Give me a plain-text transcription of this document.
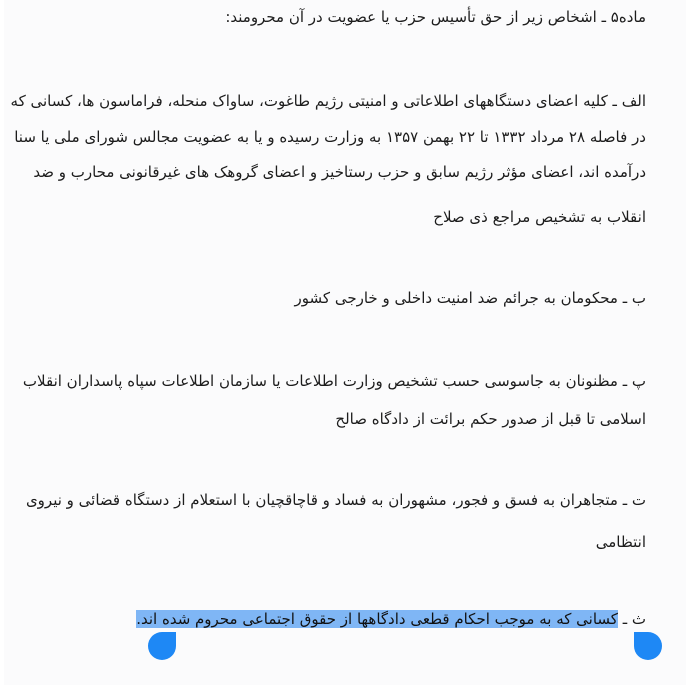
ماده۵ ـ اشخاص زیر از حق تأسیس حزب یا عضویت در آن محرومند:
الف ـ کلیه اعضای دستگاههای اطلاعاتی و امنیتی رژیم طاغوت، ساواک منحله، فراماسون ها، کسانی که
در فاصله ۲۸ مرداد ۱۳۳۲ تا ۲۲ بهمن ۱۳۵۷ به وزارت رسیده و یا به عضویت مجالس شورای ملی یا سنا
درآمده اند، اعضای مؤثر رژیم سابق و حزب رستاخیز و اعضای گروهک های غیرقانونی محارب و ضد
انقلاب به تشخیص مراجع ذی صلاح
ب ـ محکومان به جرائم ضد امنیت داخلی و خارجی کشور
پ ـ مظنونان به جاسوسی حسب تشخیص وزارت اطلاعات یا سازمان اطلاعات سپاه پاسداران انقلاب
اسلامی تا قبل از صدور حکم برائت از دادگاه صالح
ت ـ متجاهران به فسق و فجور، مشهوران به فساد و قاچاقچیان با استعلام از دستگاه قضائی و نیروی
انتظامی
ث ـ کسانی که به موجب احکام قطعی دادگاهها از حقوق اجتماعی محروم شده اند.
